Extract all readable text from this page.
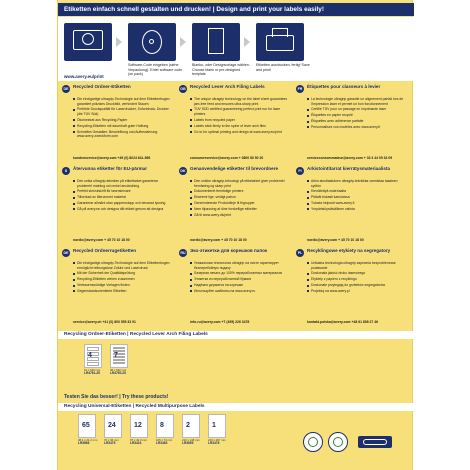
Etiketten einfach schnell gestalten und drucken! | Design and print your labels easily!
Software-Code eingeben (siehe Verpackung). Enter software code (on pack)
Blanko- oder Designvorlage wählen. Choose blank or pre-designed template
Etiketten ausdrucken, fertig! Save and print!
www.avery.eu/print
DE Recycled Ordner-Etiketten
Die einzigartige ultragrip-Technologie auf dem Etikettenbogen garantiert präzises Druckbild, verhindert Stauen
Perfekte Druckqualität für Laserdrucker, Sofortdruck, Drucker (die TÜV Süd)
Ökoinestrat aus Recycling-Papier
Recycling-Etiketten mit dauerhaft guter Haftung
Schnelles Gestalten: Beschriftung und Aufbewahrung: www.avery-zweckform.com
kundenservice@avery.com +49 (0) 8024 641-565
S	Återvunna etiketter för EU-pärmar
Den unika ultragrip-tekniken på etikettarket garanterar problemfri matning och enkel användning
Perfekt skrivutskrift för laserskrivare
Tillverkad av återvunnet material
Garanterar allmänt utan pappersstopp och bevarad lysning
Gå på avery.se och designa ditt etikett genom att designa
nordic@avery.com + 45 70 10 18 00
DE Recycled Ordnerrugetiketten
Die einzigartige ultragrip-Technologie auf dem Etikettenbogen ermöglicht reibungslose Zufuhr und Laserdruck
Mit der Sicherheit der Qualitätsprüfung
Recycling-Etiketten ziehen zusammen
Vertrauenswürdige Vorlagen finden
Gegenstandsorientierte Etiketten
service@avery.ch +41 (0) 800 559 33 91
GB Recycled Lever Arch Filing Labels
The unique ultragrip technology on the label sheet guarantees jam-free feed and ensures ultra-sharp print
TÜV SÜD certified guaranteeing perfect print run for laser printers
Labels from recycled paper
Labels stick firmly to the spine of lever arch files
Go to for optimal printing and design at www.avery.eu/print
consumerservice@avery.com + 0800 80 50 20
DK Genanvendelige etiketter til brevordnere
Den unikke ultragrip-teknologi på etiketarket giver problemfri fremføring og skarp print
Dokumenteret fremtidige printere
Ekstremt lige, veldigt patron
Genmindeende Produktlinje til frigrupper
Nem tilpasning af dine forskellige etiketter
Gå til www.avery.dk/print
nordic@avery.com + 45 70 10 18 00
RU Эко-этикетки для корешков папок
Уникальная технология ultragrip на листе гарантирует бесперебойную подачу
Лазерная печать до 100% переработанных материалов
Этикетки из переработанной бумаги
Надёжно держатся на корешке
Используйте шаблоны на www.avery.ru
info-ru@avery.com +7 (495) 226 3478
FR	Étiquettes pour classeurs à levier
La technologie ultragrip garantie un alignement parfait lors de l'impression laser et permet un bon fonctionnement
Certifié TÜV pour un passage en imprimante laser
Étiquettes en papier recyclé
Étiquettes avec adhérence parfaite
Personnalisez vos modèles avec www.avery.fr
serviceconsommateur@avery.com + 33 3 44 09 34 09
FI	Arkistointitarrat kierrätysmateriaalista
Arkin ainutlaatuinen ultragrip-tekniikka varmistaa tasaisen syötön
Kierrätettyä materiaalia
Pitävät tiukasti kansioissa
Tulosta helposti www.avery.fi
Ympäristöystävällinen valinta
nordic@avery.com + 45 70 10 18 00
PL	Recyklingowe etykiety na segregatory
Unikalna technologia ultragrip zapewnia bezproblemowe podawanie
Doskonała jakość druku laserowego
Etykiety z papieru z recyklingu
Doskonale przylegają do grzbietów segregatorów
Projektuj na www.avery.pl
kontakt.polska@avery.com +48 61 898 27 46
Recycling Ordner-Etiketten | Recycled Lever Arch Filing Labels
4
61 x 192 mm
LR4761-25
7
38 x 192 mm
LR4760-25
Testen Sie das besser! | Try these products!
Recycling Universal-Etiketten | Recycled Multipurpose Labels
65
38.1 x 21.2 mm
LR3666
24
70 x 36 mm
LR3475
12
97 x 42.3 mm
LR3424
8
105 x 74 mm
LR3483
2
210 x 148 mm
LR3655
1
210 x 297 mm
LR3478
